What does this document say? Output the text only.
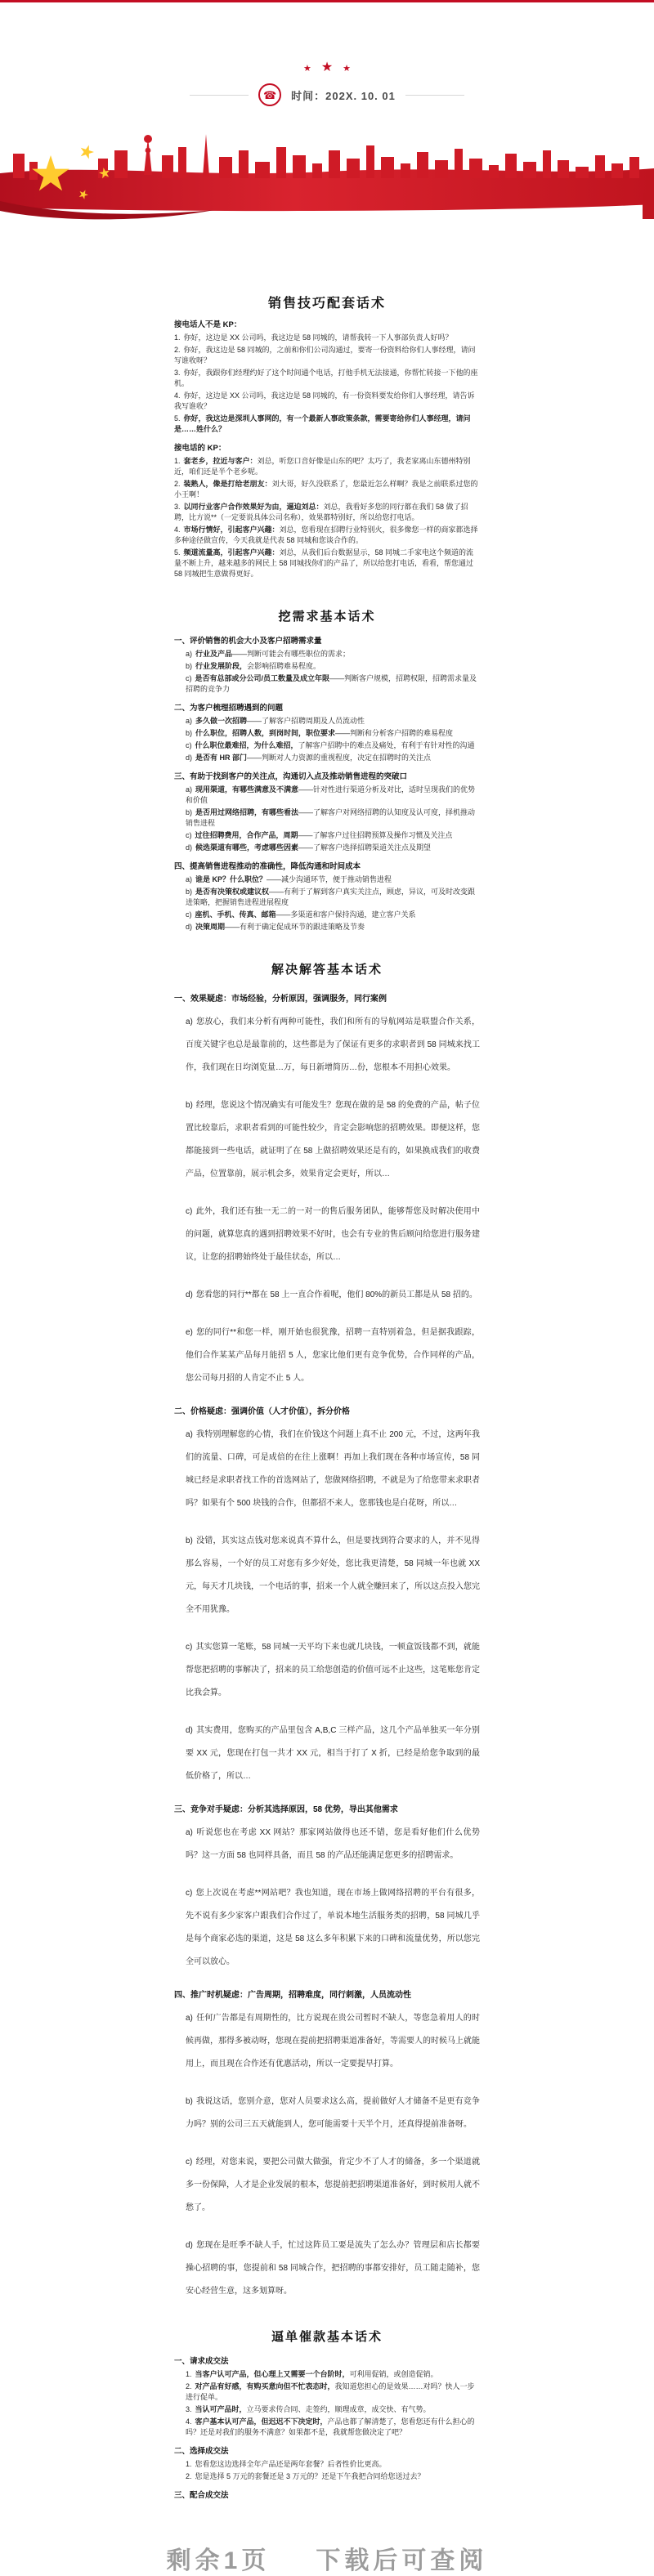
★ ★ ★
☎ 时间：202X. 10. 01
销售技巧配套话术
接电话人不是 KP：

1. 你好，这边是 XX 公司吗，我这边是 58 同城的，请帮我转一下人事部负责人好吗？

2. 你好，我这边是 58 同城的，之前和你们公司沟通过，要寄一份资料给你们人事经理，请问写谁收呀？

3. 你好，我跟你们经理约好了这个时间通个电话，打他手机无法接通，你帮忙转接一下他的座机。

4. 你好，这边是 XX 公司吗，我这边是 58 同城的，有一份资料要发给你们人事经理，请告诉我写谁收？

5. 你好，我这边是深圳人事网的，有一个最新人事政策条款，需要寄给你们人事经理，请问是……姓什么？

接电话的 KP：

1. 套老乡，拉近与客户：刘总，听您口音好像是山东的吧？太巧了，我老家离山东德州特别近，咱们还是半个老乡呢。

2. 装熟人，像是打给老朋友：刘大哥，好久没联系了，您最近怎么样啊？我是之前联系过您的小王啊！

3. 以同行业客户合作效果好为由，逼迫刘总：刘总，我看好多您的同行都在我们 58 做了招聘，比方说**（一定要说具体公司名称），效果都特别好，所以给您打电话。

4. 市场行情好，引起客户兴趣：刘总，您看现在招聘行业特别火，很多像您一样的商家都选择多种途径做宣传，今天我就是代表 58 同城和您谈合作的。

5. 频道流量高，引起客户兴趣：刘总，从我们后台数据显示，58 同城二手家电这个频道的流量不断上升，越来越多的网民上 58 同城找你们的产品了，所以给您打电话，看看，帮您通过 58 同城把生意做得更好。

挖需求基本话术
一、评价销售的机会大小及客户招聘需求量

a) 行业及产品——判断可能会有哪些职位的需求；

b) 行业发展阶段，会影响招聘难易程度。

c) 是否有总部或分公司/员工数量及成立年限——判断客户规模，招聘权限，招聘需求量及招聘的竞争力

二、为客户梳理招聘遇到的问题

a) 多久做一次招聘——了解客户招聘周期及人员流动性

b) 什么职位，招聘人数，到岗时间，职位要求——判断和分析客户招聘的难易程度

c) 什么职位最难招，为什么难招，了解客户招聘中的难点及痛处，有利于有针对性的沟通

d) 是否有 HR 部门——判断对人力资源的重视程度，决定在招聘时的关注点

三、有助于找到客户的关注点，沟通切入点及推动销售进程的突破口

a) 现用渠道，有哪些满意及不满意——针对性进行渠道分析及对比，适时呈现我们的优势和价值

b) 是否用过网络招聘，有哪些看法——了解客户对网络招聘的认知度及认可度，择机推动销售进程

c) 过往招聘费用，合作产品，周期——了解客户过往招聘预算及操作习惯及关注点

d) 候选渠道有哪些，考虑哪些因素——了解客户选择招聘渠道关注点及期望

四、提高销售进程推动的准确性，降低沟通和时间成本

a) 谁是 KP？什么职位？——减少沟通环节，便于推动销售进程

b) 是否有决策权或建议权——有利于了解到客户真实关注点，顾虑，异议，可及时改变跟进策略，把握销售进程进展程度

c) 座机、手机、传真、邮箱——多渠道和客户保持沟通，建立客户关系

d) 决策周期——有利于确定促成环节的跟进策略及节奏

解决解答基本话术
一、效果疑虑：市场经验，分析原因，强调服务，同行案例

a) 您放心，我们来分析有两种可能性，我们和所有的导航网站是联盟合作关系，百度关键字也总是最靠前的，这些都是为了保证有更多的求职者到 58 同城来找工作，我们现在日均浏览量…万，每日新增简历…份，您根本不用担心效果。

b) 经理，您说这个情况确实有可能发生？您现在做的是 58 的免费的产品，帖子位置比较靠后，求职者看到的可能性较少，肯定会影响您的招聘效果。即便这样，您都能接到一些电话，就证明了在 58 上做招聘效果还是有的，如果换成我们的收费产品，位置靠前，展示机会多，效果肯定会更好，所以…

c) 此外，我们还有独一无二的一对一的售后服务团队，能够帮您及时解决使用中的问题，就算您真的遇到招聘效果不好时，也会有专业的售后顾问给您进行服务建议，让您的招聘始终处于最佳状态，所以…

d) 您看您的同行**都在 58 上一直合作着呢，他们 80%的新员工都是从 58 招的。

e) 您的同行**和您一样，刚开始也很犹豫，招聘一直特别着急，但是据我跟踪，他们合作某某产品每月能招 5 人，您家比他们更有竞争优势，合作同样的产品，您公司每月招的人肯定不止 5 人。

二、价格疑虑：强调价值（人才价值），拆分价格

a) 我特别理解您的心情，我们在价钱这个问题上真不止 200 元，不过，这两年我们的流量、口碑，可是成倍的在往上涨啊！再加上我们现在各种市场宣传，58 同城已经是求职者找工作的首选网站了，您做网络招聘，不就是为了给您带来求职者吗？如果有个 500 块钱的合作，但都招不来人，您那钱也是白花呀，所以…

b) 没错，其实这点钱对您来说真不算什么，但是要找到符合要求的人，并不见得那么容易，一个好的员工对您有多少好处，您比我更清楚，58 同城一年也就 XX 元，每天才几块钱，一个电话的事，招来一个人就全赚回来了，所以这点投入您完全不用犹豫。

c) 其实您算一笔账，58 同城一天平均下来也就几块钱，一顿盒饭钱都不到，就能帮您把招聘的事解决了，招来的员工给您创造的价值可远不止这些，这笔账您肯定比我会算。

d) 其实费用，您购买的产品里包含 A,B,C 三样产品，这几个产品单独买一年分别要 XX 元，您现在打包一共才 XX 元，相当于打了 X 折，已经是给您争取到的最低价格了，所以…

三、竞争对手疑虑：分析其选择原因，58 优势，导出其他需求

a) 听说您也在考虑 XX 网站？那家网站做得也还不错，您是看好他们什么优势吗？这一方面 58 也同样具备，而且 58 的产品还能满足您更多的招聘需求。

c) 您上次说在考虑**网站吧？我也知道，现在市场上做网络招聘的平台有很多，先不说有多少家客户跟我们合作过了，单说本地生活服务类的招聘，58 同城几乎是每个商家必选的渠道，这是 58 这么多年积累下来的口碑和流量优势，所以您完全可以放心。

四、推广时机疑虑：广告周期，招聘难度，同行刺激，人员流动性

a) 任何广告都是有周期性的，比方说现在贵公司暂时不缺人，等您急着用人的时候再做，那得多被动呀，您现在提前把招聘渠道准备好，等需要人的时候马上就能用上，而且现在合作还有优惠活动，所以一定要提早打算。

b) 我说这话，您别介意，您对人员要求这么高，提前做好人才储备不是更有竞争力吗？别的公司三五天就能到人，您可能需要十天半个月，还真得提前准备呀。

c) 经理，对您来说，要把公司做大做强，肯定少不了人才的储备，多一个渠道就多一份保障，人才是企业发展的根本，您提前把招聘渠道准备好，到时候用人就不愁了。

d) 您现在是旺季不缺人手，忙过这阵员工要是流失了怎么办？管理层和店长都要操心招聘的事，您提前和 58 同城合作，把招聘的事都安排好，员工随走随补，您安心经营生意，这多划算呀。

逼单催款基本话术
一、请求成交法

1. 当客户认可产品，但心理上又需要一个台阶时，可利用促销，或创造促销。

2. 对产品有好感，有购买意向但不忙表态时，我知道您担心的是效果……对吗？快人一步进行促单。

3. 当认可产品时，立马要求传合同、走签约，顺理成章，成交快、有气势。

4. 客户基本认可产品，但迟迟不下决定时，产品也都了解清楚了，您看您还有什么担心的吗？还是对我们的服务不满意？如果都不是，我就帮您做决定了吧？

二、选择成交法

1. 您看您这边选择全年产品还是两年套餐？后者性价比更高。

2. 您是选择 5 万元的套餐还是 3 万元的？还是下午我把合同给您送过去？

三、配合成交法
剩余1页 下载后可查阅
